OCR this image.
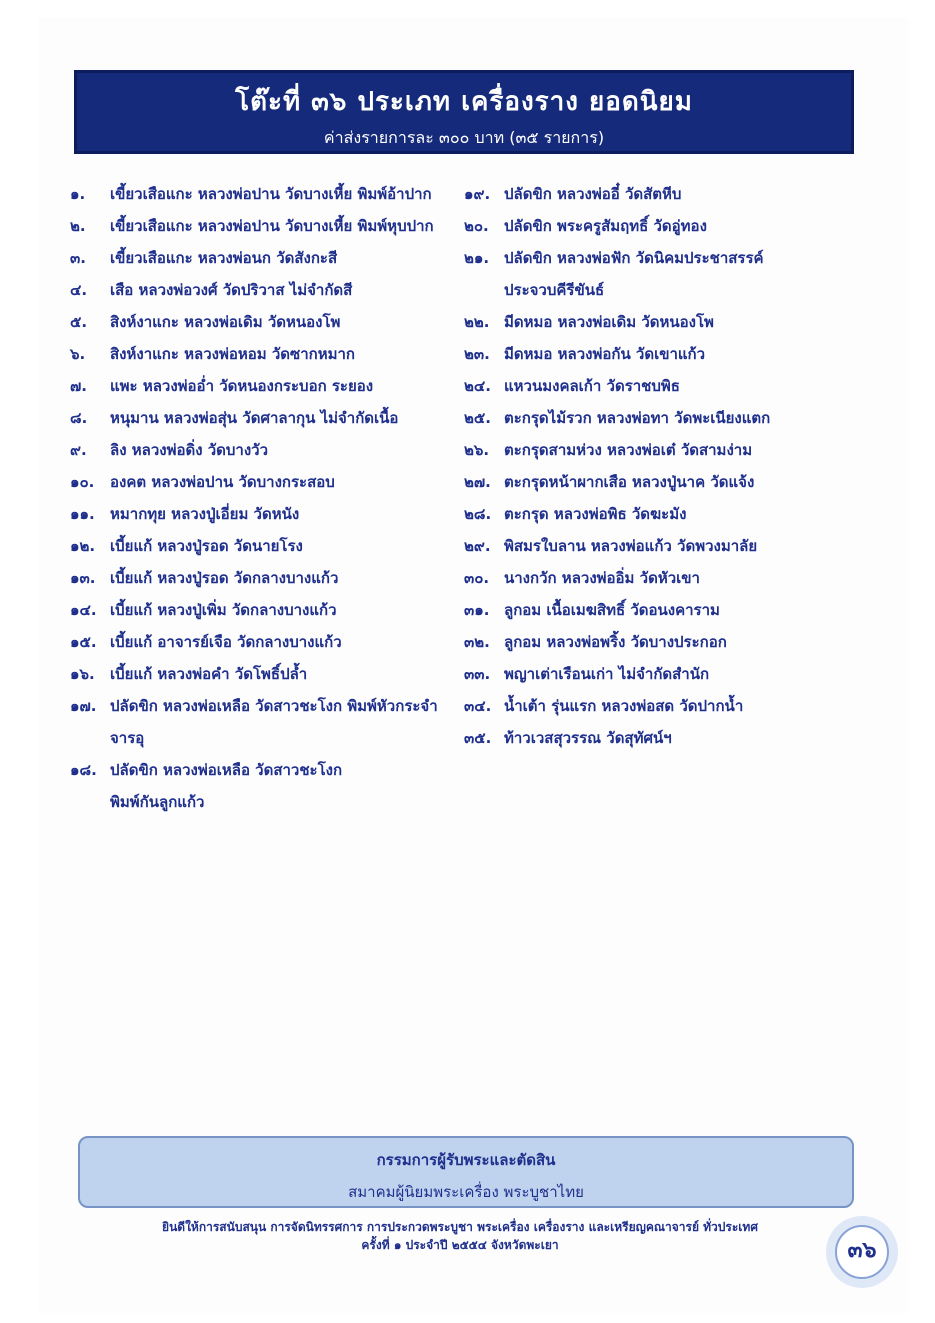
โต๊ะที่ ๓๖ ประเภท เครื่องราง ยอดนิยม
ค่าส่งรายการละ ๓๐๐ บาท (๓๕ รายการ)
๑.	เขี้ยวเสือแกะ หลวงพ่อปาน วัดบางเหี้ย พิมพ์อ้าปาก
๒.	เขี้ยวเสือแกะ หลวงพ่อปาน วัดบางเหี้ย พิมพ์หุบปาก
๓.	เขี้ยวเสือแกะ หลวงพ่อนก วัดสังกะสี
๔.	เสือ หลวงพ่อวงศ์ วัดปริวาส ไม่จำกัดสี
๕.	สิงห์งาแกะ หลวงพ่อเดิม วัดหนองโพ
๖.	สิงห์งาแกะ หลวงพ่อหอม วัดซากหมาก
๗.	แพะ หลวงพ่ออ่ำ วัดหนองกระบอก ระยอง
๘.	หนุมาน หลวงพ่อสุ่น วัดศาลากุน ไม่จำกัดเนื้อ
๙.	ลิง หลวงพ่อดิ่ง วัดบางวัว
๑๐.	องคต หลวงพ่อปาน วัดบางกระสอบ
๑๑.	หมากทุย หลวงปู่เอี่ยม วัดหนัง
๑๒. เบี้ยแก้ หลวงปู่รอด วัดนายโรง
๑๓. เบี้ยแก้ หลวงปู่รอด วัดกลางบางแก้ว
๑๔. เบี้ยแก้ หลวงปู่เพิ่ม วัดกลางบางแก้ว
๑๕. เบี้ยแก้ อาจารย์เจือ วัดกลางบางแก้ว
๑๖.	เบี้ยแก้ หลวงพ่อคำ วัดโพธิ์ปล้ำ
๑๗. ปลัดขิก หลวงพ่อเหลือ วัดสาวชะโงก พิมพ์หัวกระจำ
จารอุ
๑๘. ปลัดขิก หลวงพ่อเหลือ วัดสาวชะโงก
พิมพ์กันลูกแก้ว
๑๙. ปลัดขิก หลวงพ่ออี๋ วัดสัตหีบ
๒๐.	ปลัดขิก พระครูสัมฤทธิ์ วัดอู่ทอง
๒๑. ปลัดขิก หลวงพ่อฟัก วัดนิคมประชาสรรค์
ประจวบคีรีขันธ์
๒๒. มีดหมอ หลวงพ่อเดิม วัดหนองโพ
๒๓. มีดหมอ หลวงพ่อกัน วัดเขาแก้ว
๒๔. แหวนมงคลเก้า วัดราชบพิธ
๒๕. ตะกรุดไม้รวก หลวงพ่อทา วัดพะเนียงแตก
๒๖. ตะกรุดสามห่วง หลวงพ่อเต๋ วัดสามง่าม
๒๗. ตะกรุดหน้าผากเสือ หลวงปู่นาค วัดแจ้ง
๒๘. ตะกรุด หลวงพ่อพิธ วัดฆะมัง
๒๙. พิสมรใบลาน หลวงพ่อแก้ว วัดพวงมาลัย
๓๐. นางกวัก หลวงพ่ออิ่ม วัดหัวเขา
๓๑. ลูกอม เนื้อเมฆสิทธิ์ วัดอนงคาราม
๓๒. ลูกอม หลวงพ่อพริ้ง วัดบางประกอก
๓๓. พญาเต่าเรือนเก่า ไม่จำกัดสำนัก
๓๔. น้ำเต้า รุ่นแรก หลวงพ่อสด วัดปากน้ำ
๓๕. ท้าวเวสสุวรรณ วัดสุทัศน์ฯ
กรรมการผู้รับพระและตัดสิน
สมาคมผู้นิยมพระเครื่อง พระบูชาไทย
ยินดีให้การสนับสนุน การจัดนิทรรศการ การประกวดพระบูชา พระเครื่อง เครื่องราง และเหรียญคณาจารย์ ทั่วประเทศ
ครั้งที่ ๑ ประจำปี ๒๕๕๔ จังหวัดพะเยา	๓๖
